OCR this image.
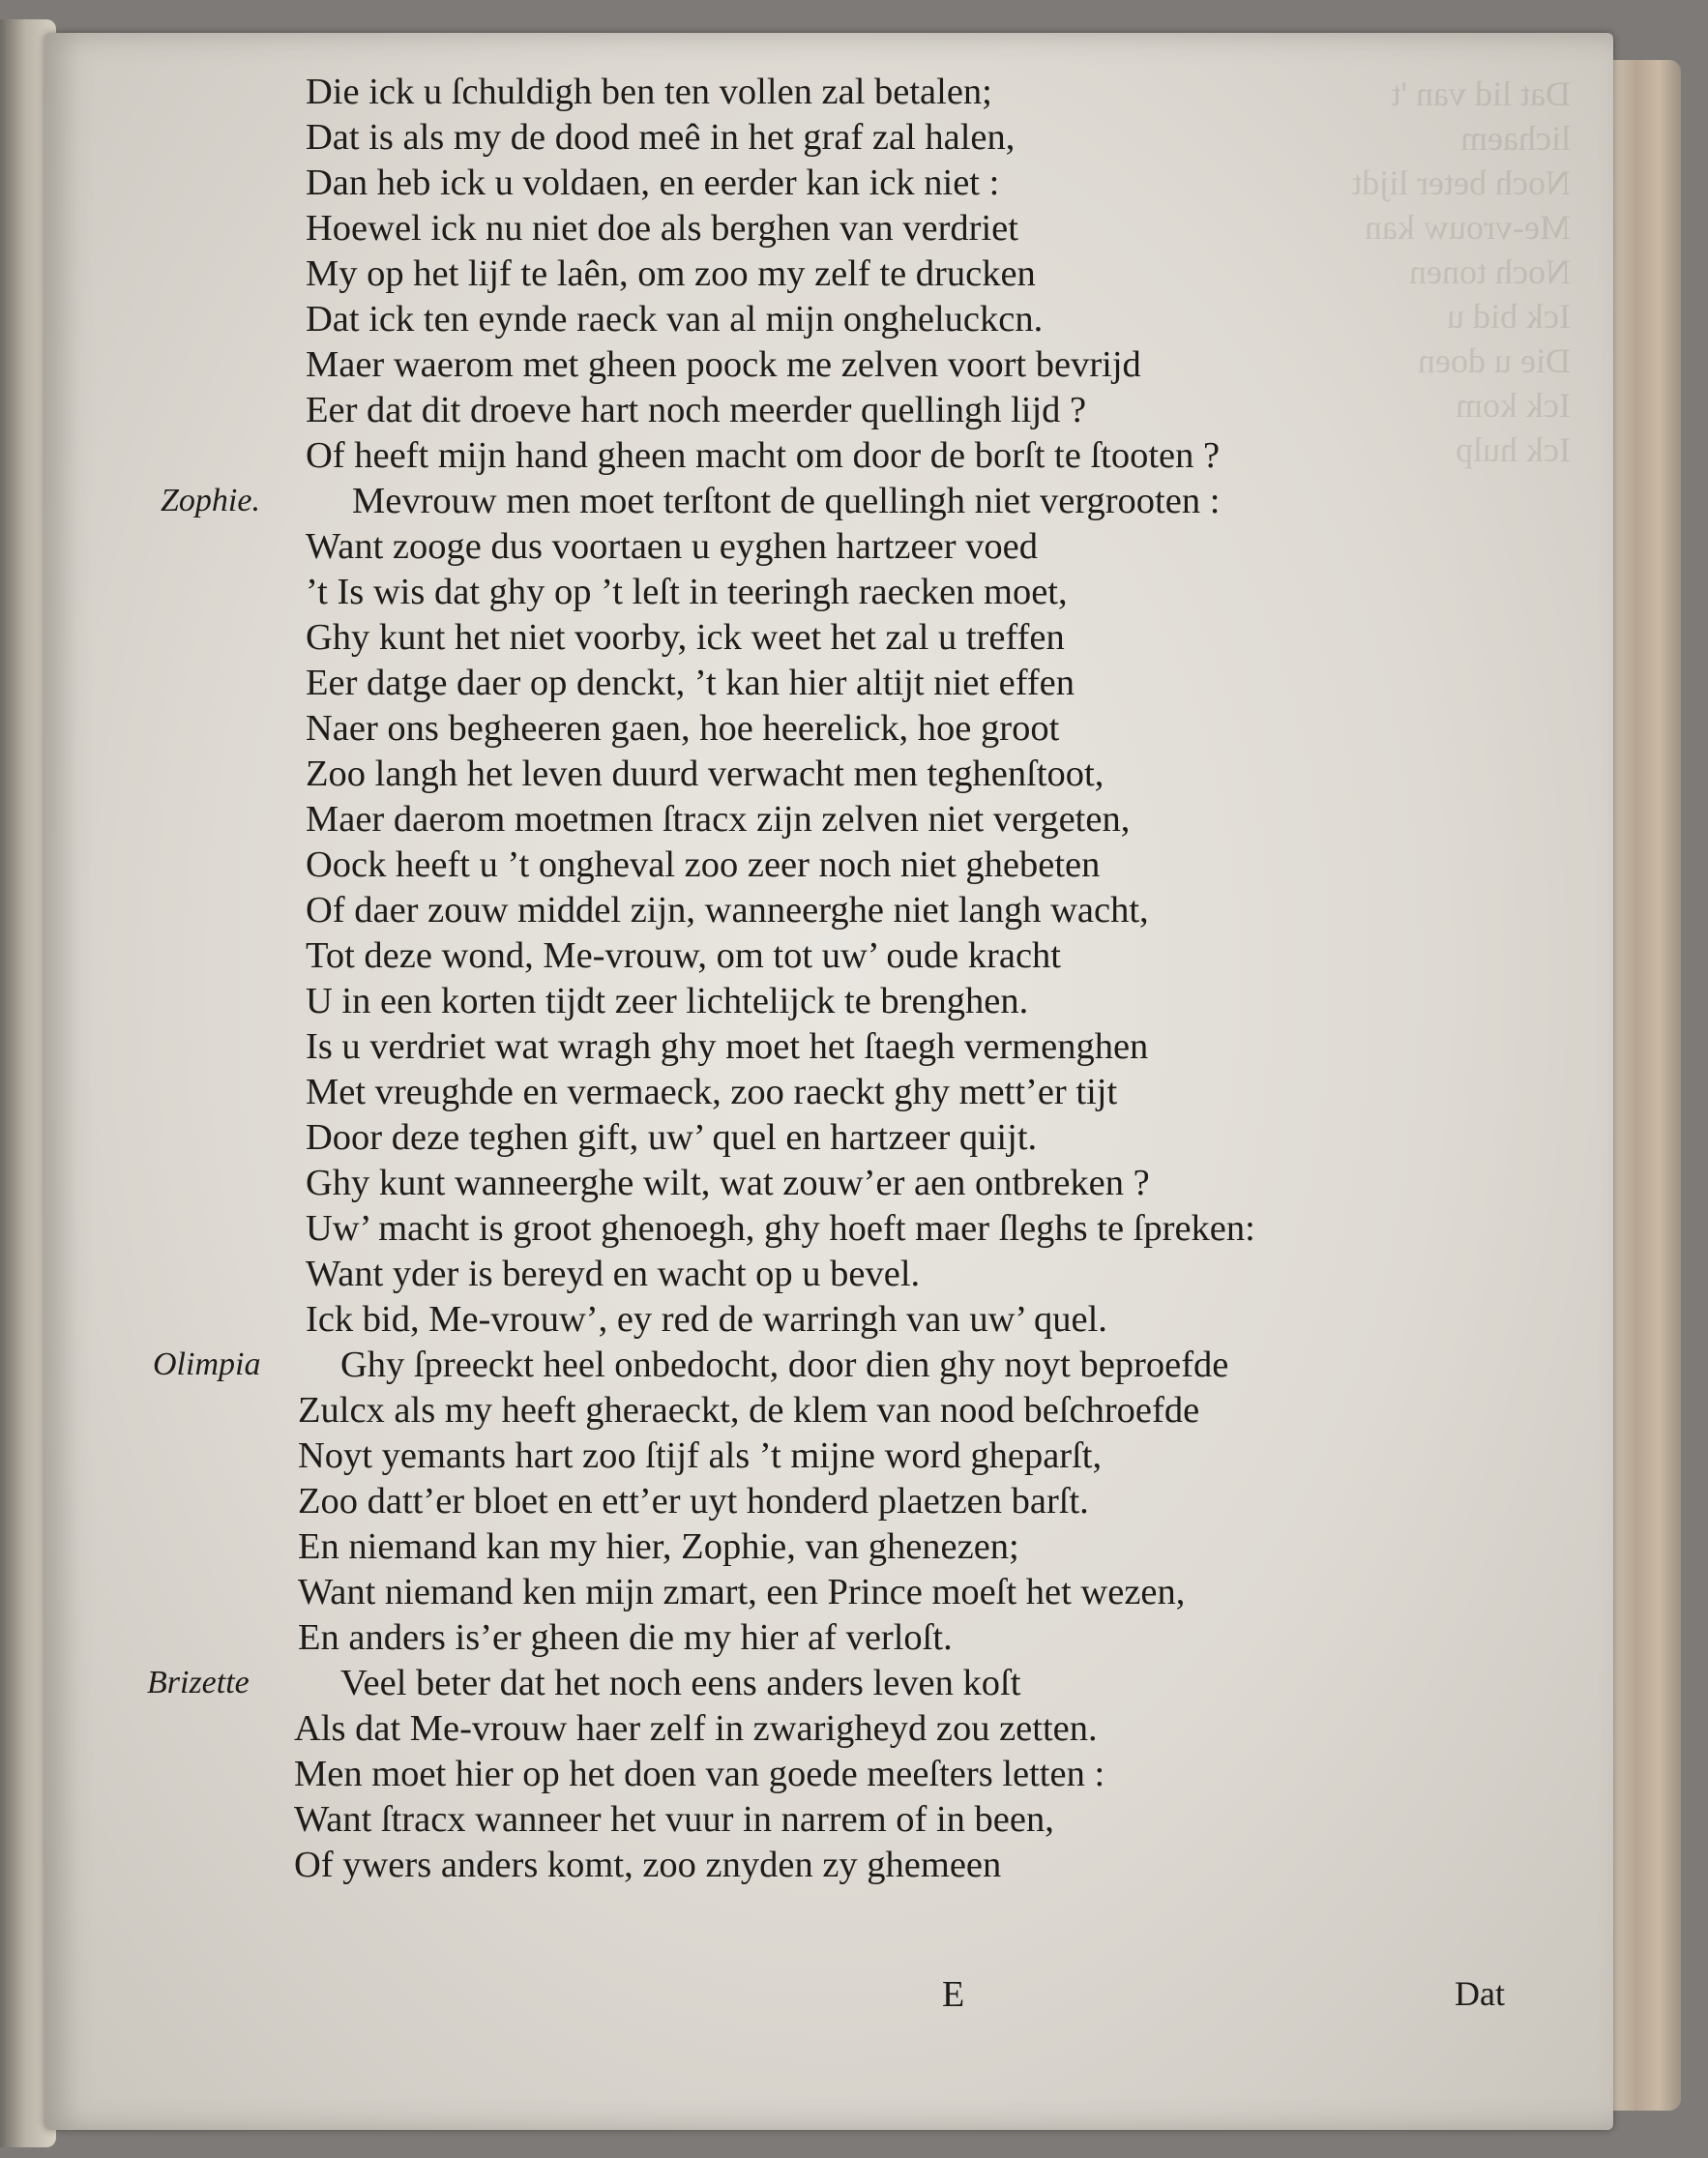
Dat lid van 't lichaem
Noch beter lijdt
Me-vrouw kan
Noch tonen
Ick bid u
Die u doen
Ick kom
Ick hulp
Die ick u ſchuldigh ben ten vollen zal betalen;
Dat is als my de dood meê in het graf zal halen,
Dan heb ick u voldaen, en eerder kan ick niet :
Hoewel ick nu niet doe als berghen van verdriet
My op het lijf te laên, om zoo my zelf te drucken
Dat ick ten eynde raeck van al mijn ongheluckcn.
Maer waerom met gheen poock me zelven voort bevrijd
Eer dat dit droeve hart noch meerder quellingh lijd ?
Of heeft mijn hand gheen macht om door de borſt te ſtooten ?
Zophie. Mevrouw men moet terſtont de quellingh niet vergrooten :
Want zooge dus voortaen u eyghen hartzeer voed
’t Is wis dat ghy op ’t leſt in teeringh raecken moet,
Ghy kunt het niet voorby, ick weet het zal u treffen
Eer datge daer op denckt, ’t kan hier altijt niet effen
Naer ons begheeren gaen, hoe heerelick, hoe groot
Zoo langh het leven duurd verwacht men teghenſtoot,
Maer daerom moetmen ſtracx zijn zelven niet vergeten,
Oock heeft u ’t ongheval zoo zeer noch niet ghebeten
Of daer zouw middel zijn, wanneerghe niet langh wacht,
Tot deze wond, Me-vrouw, om tot uw’ oude kracht
U in een korten tijdt zeer lichtelijck te brenghen.
Is u verdriet wat wragh ghy moet het ſtaegh vermenghen
Met vreughde en vermaeck, zoo raeckt ghy mett’er tijt
Door deze teghen gift, uw’ quel en hartzeer quijt.
Ghy kunt wanneerghe wilt, wat zouw’er aen ontbreken ?
Uw’ macht is groot ghenoegh, ghy hoeft maer ſleghs te ſpreken:
Want yder is bereyd en wacht op u bevel.
Ick bid, Me-vrouw’, ey red de warringh van uw’ quel.
Olimpia Ghy ſpreeckt heel onbedocht, door dien ghy noyt beproefde
Zulcx als my heeft gheraeckt, de klem van nood beſchroefde
Noyt yemants hart zoo ſtijf als ’t mijne word gheparſt,
Zoo datt’er bloet en ett’er uyt honderd plaetzen barſt.
En niemand kan my hier, Zophie, van ghenezen;
Want niemand ken mijn zmart, een Prince moeſt het wezen,
En anders is’er gheen die my hier af verloſt.
Brizette Veel beter dat het noch eens anders leven koſt
Als dat Me-vrouw haer zelf in zwarigheyd zou zetten.
Men moet hier op het doen van goede meeſters letten :
Want ſtracx wanneer het vuur in narrem of in been,
Of ywers anders komt, zoo znyden zy ghemeen
E	Dat
